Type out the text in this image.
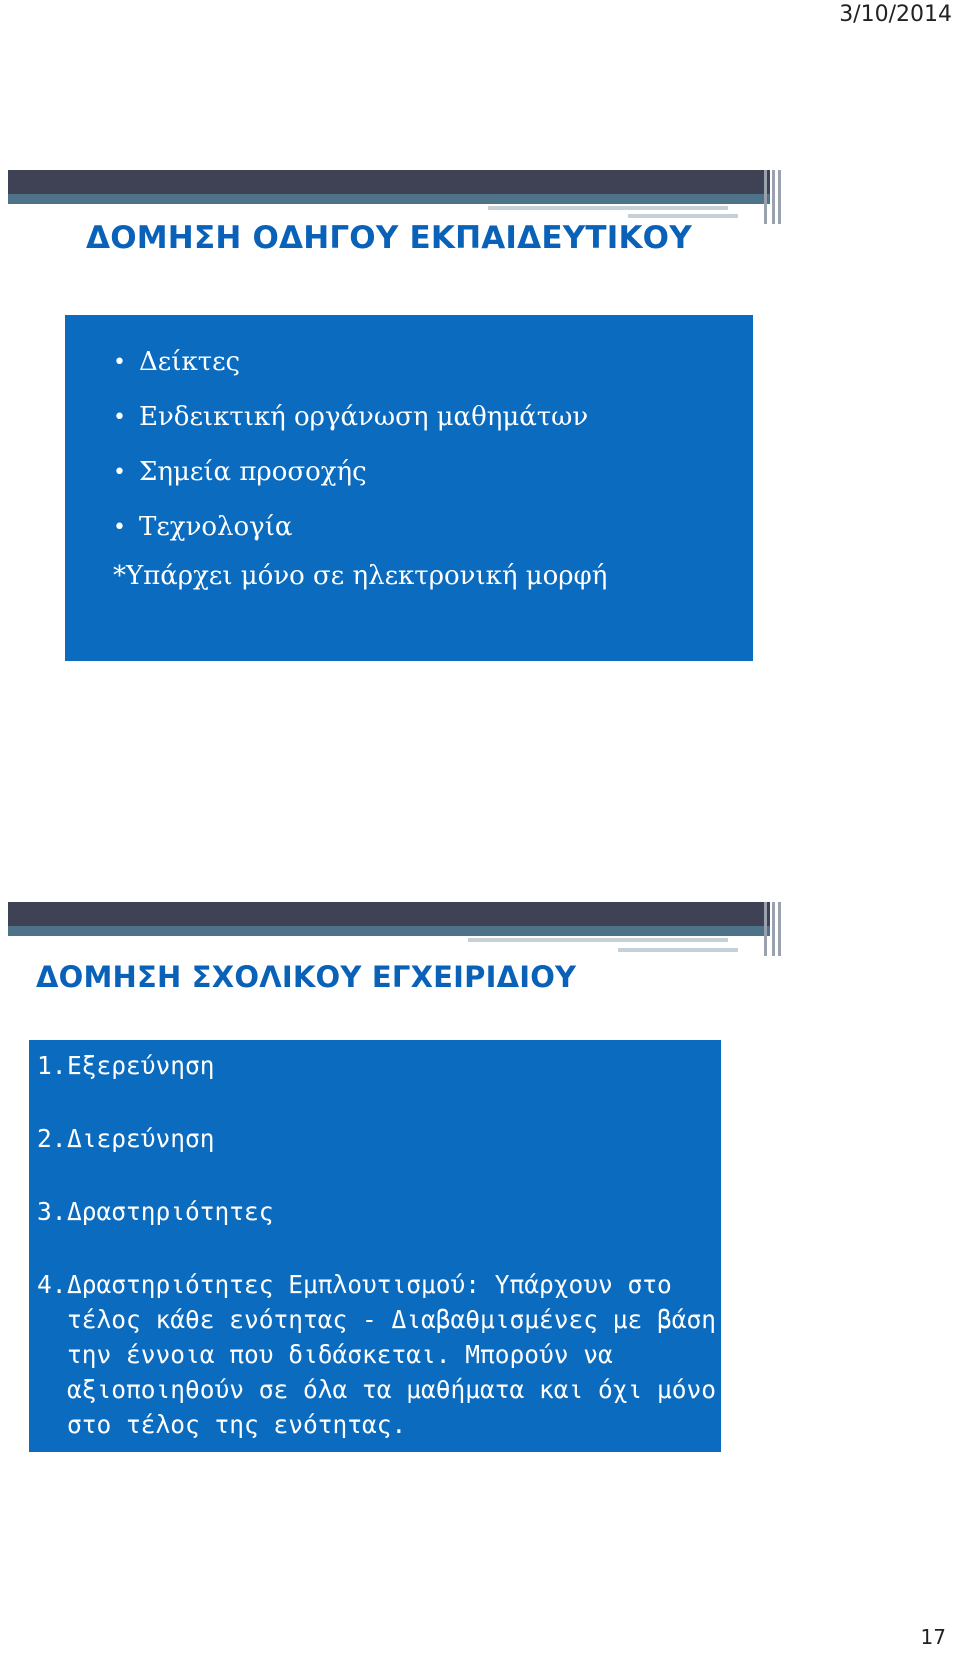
3/10/2014
ΔΟΜΗΣΗ ΟΔΗΓΟΥ ΕΚΠΑΙΔΕΥΤΙΚΟΥ
• Δείκτες
• Ενδεικτική οργάνωση μαθημάτων
• Σημεία προσοχής
• Τεχνολογία
*Υπάρχει μόνο σε ηλεκτρονική μορφή
ΔΟΜΗΣΗ ΣΧΟΛΙΚΟΥ ΕΓΧΕΙΡΙΔΙΟΥ
1. Εξερεύνηση
2. Διερεύνηση
3. Δραστηριότητες
4. Δραστηριότητες Εμπλουτισμού: Υπάρχουν στο τέλος κάθε ενότητας - Διαβαθμισμένες με βάση την έννοια που διδάσκεται. Μπορούν να αξιοποιηθούν σε όλα τα μαθήματα και όχι μόνο στο τέλος της ενότητας.
17
